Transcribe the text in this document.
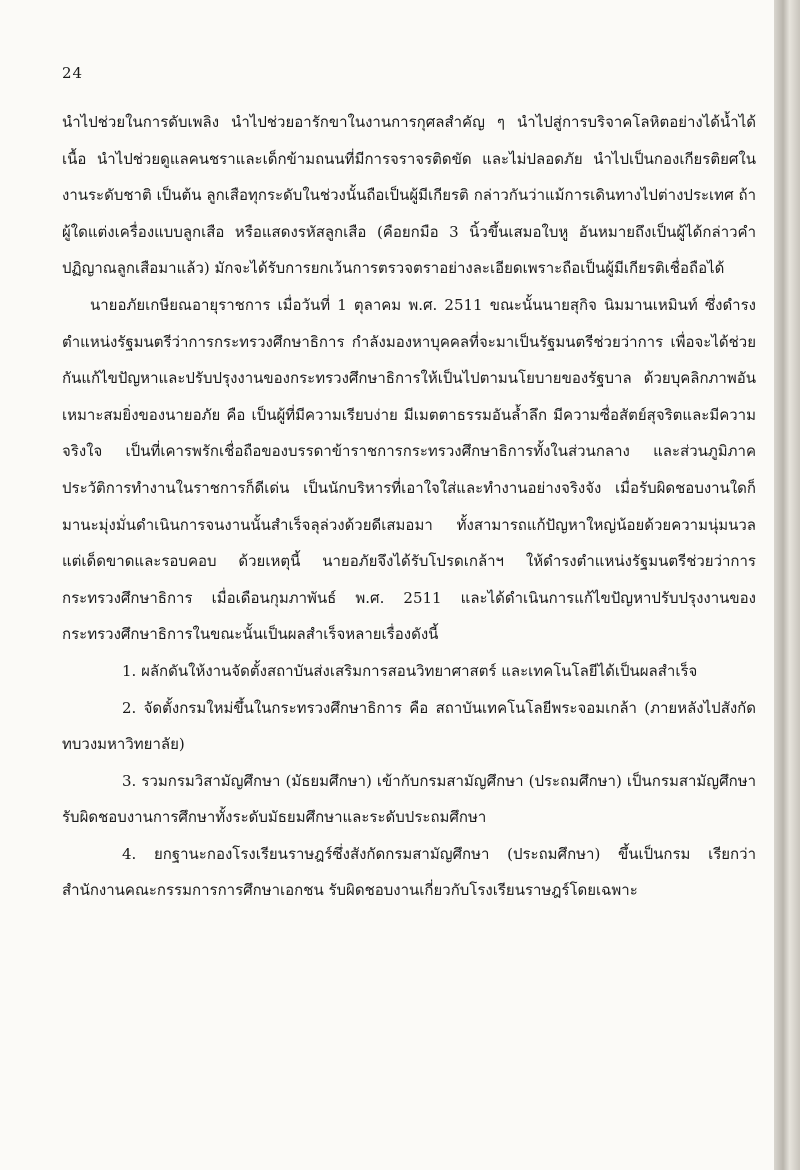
24

นำไปช่วยในการดับเพลิง นำไปช่วยอารักขาในงานการกุศลสำคัญ ๆ นำไปสู่การบริจาคโลหิตอย่างได้น้ำได้เนื้อ นำไปช่วยดูแลคนชราและเด็กข้ามถนนที่มีการจราจรติดขัด และไม่ปลอดภัย นำไปเป็นกองเกียรติยศในงานระดับชาติ เป็นต้น ลูกเสือทุกระดับในช่วงนั้นถือเป็นผู้มีเกียรติ กล่าวกันว่าแม้การเดินทางไปต่างประเทศ ถ้าผู้ใดแต่งเครื่องแบบลูกเสือ หรือแสดงรหัสลูกเสือ (คือยกมือ 3 นิ้วขึ้นเสมอใบหู อันหมายถึงเป็นผู้ได้กล่าวคำปฏิญาณลูกเสือมาแล้ว) มักจะได้รับการยกเว้นการตรวจตราอย่างละเอียดเพราะถือเป็นผู้มีเกียรติเชื่อถือได้

นายอภัยเกษียณอายุราชการ เมื่อวันที่ 1 ตุลาคม พ.ศ. 2511 ขณะนั้นนายสุกิจ นิมมานเหมินท์ ซึ่งดำรงตำแหน่งรัฐมนตรีว่าการกระทรวงศึกษาธิการ กำลังมองหาบุคคลที่จะมาเป็นรัฐมนตรีช่วยว่าการ เพื่อจะได้ช่วยกันแก้ไขปัญหาและปรับปรุงงานของกระทรวงศึกษาธิการให้เป็นไปตามนโยบายของรัฐบาล ด้วยบุคลิกภาพอันเหมาะสมยิ่งของนายอภัย คือ เป็นผู้ที่มีความเรียบง่าย มีเมตตาธรรมอันล้ำลึก มีความซื่อสัตย์สุจริตและมีความจริงใจ เป็นที่เคารพรักเชื่อถือของบรรดาข้าราชการกระทรวงศึกษาธิการทั้งในส่วนกลาง และส่วนภูมิภาค ประวัติการทำงานในราชการก็ดีเด่น เป็นนักบริหารที่เอาใจใส่และทำงานอย่างจริงจัง เมื่อรับผิดชอบงานใดก็มานะมุ่งมั่นดำเนินการจนงานนั้นสำเร็จลุล่วงด้วยดีเสมอมา ทั้งสามารถแก้ปัญหาใหญ่น้อยด้วยความนุ่มนวล แต่เด็ดขาดและรอบคอบ ด้วยเหตุนี้ นายอภัยจึงได้รับโปรดเกล้าฯ ให้ดำรงตำแหน่งรัฐมนตรีช่วยว่าการกระทรวงศึกษาธิการ เมื่อเดือนกุมภาพันธ์ พ.ศ. 2511 และได้ดำเนินการแก้ไขปัญหาปรับปรุงงานของกระทรวงศึกษาธิการในขณะนั้นเป็นผลสำเร็จหลายเรื่องดังนี้

1. ผลักดันให้งานจัดตั้งสถาบันส่งเสริมการสอนวิทยาศาสตร์ และเทคโนโลยีได้เป็นผลสำเร็จ

2. จัดตั้งกรมใหม่ขึ้นในกระทรวงศึกษาธิการ คือ สถาบันเทคโนโลยีพระจอมเกล้า (ภายหลังไปสังกัดทบวงมหาวิทยาลัย)

3. รวมกรมวิสามัญศึกษา (มัธยมศึกษา) เข้ากับกรมสามัญศึกษา (ประถมศึกษา) เป็นกรมสามัญศึกษา รับผิดชอบงานการศึกษาทั้งระดับมัธยมศึกษาและระดับประถมศึกษา

4. ยกฐานะกองโรงเรียนราษฎร์ซึ่งสังกัดกรมสามัญศึกษา (ประถมศึกษา) ขึ้นเป็นกรม เรียกว่า สำนักงานคณะกรรมการการศึกษาเอกชน รับผิดชอบงานเกี่ยวกับโรงเรียนราษฎร์โดยเฉพาะ
